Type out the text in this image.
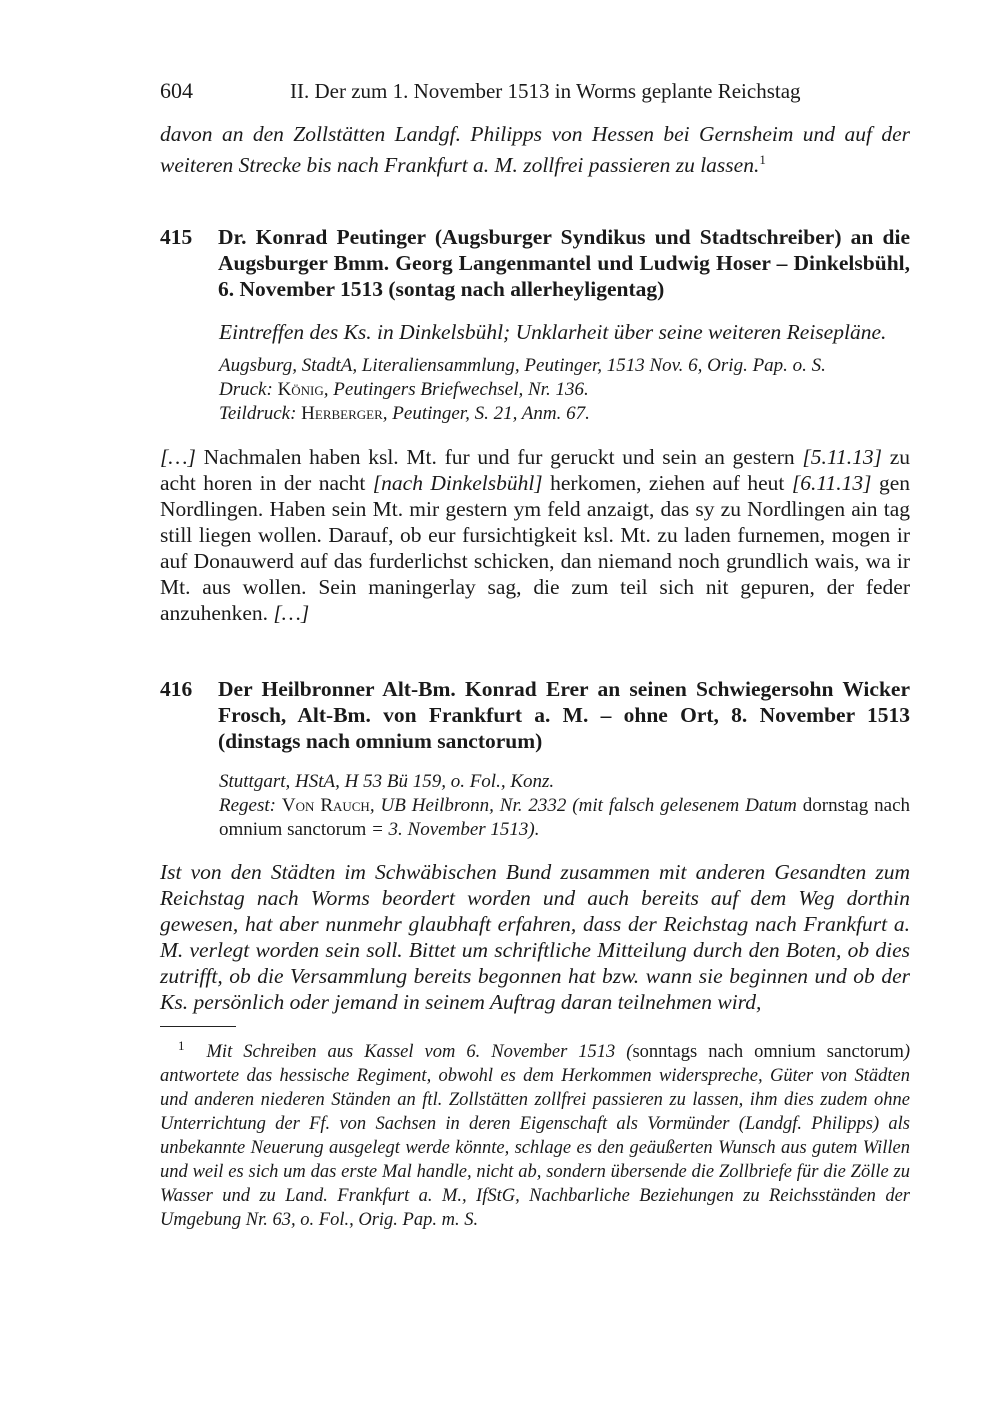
604	II. Der zum 1. November 1513 in Worms geplante Reichstag
davon an den Zollstätten Landgf. Philipps von Hessen bei Gernsheim und auf der weiteren Strecke bis nach Frankfurt a. M. zollfrei passieren zu lassen.$^1$
415	Dr. Konrad Peutinger (Augsburger Syndikus und Stadtschreiber) an die Augsburger Bmm. Georg Langenmantel und Ludwig Hoser – Dinkelsbühl, 6. November 1513 (sontag nach allerheyligentag)
Eintreffen des Ks. in Dinkelsbühl; Unklarheit über seine weiteren Reisepläne.
Augsburg, StadtA, Literaliensammlung, Peutinger, 1513 Nov. 6, Orig. Pap. o. S.
Druck: König, Peutingers Briefwechsel, Nr. 136.
Teildruck: Herberger, Peutinger, S. 21, Anm. 67.
[…] Nachmalen haben ksl. Mt. fur und fur geruckt und sein an gestern [5.11.13] zu acht horen in der nacht [nach Dinkelsbühl] herkomen, ziehen auf heut [6.11.13] gen Nordlingen. Haben sein Mt. mir gestern ym feld anzaigt, das sy zu Nordlingen ain tag still liegen wollen. Darauf, ob eur fursichtigkeit ksl. Mt. zu laden furnemen, mogen ir auf Donauwerd auf das furderlichst schicken, dan niemand noch grundlich wais, wa ir Mt. aus wollen. Sein maningerlay sag, die zum teil sich nit gepuren, der feder anzuhenken. […]
416	Der Heilbronner Alt-Bm. Konrad Erer an seinen Schwiegersohn Wicker Frosch, Alt-Bm. von Frankfurt a. M. – ohne Ort, 8. November 1513 (dinstags nach omnium sanctorum)
Stuttgart, HStA, H 53 Bü 159, o. Fol., Konz.
Regest: Von Rauch, UB Heilbronn, Nr. 2332 (mit falsch gelesenem Datum dornstag nach omnium sanctorum = 3. November 1513).
Ist von den Städten im Schwäbischen Bund zusammen mit anderen Gesandten zum Reichstag nach Worms beordert worden und auch bereits auf dem Weg dorthin gewesen, hat aber nunmehr glaubhaft erfahren, dass der Reichstag nach Frankfurt a. M. verlegt worden sein soll. Bittet um schriftliche Mitteilung durch den Boten, ob dies zutrifft, ob die Versammlung bereits begonnen hat bzw. wann sie beginnen und ob der Ks. persönlich oder jemand in seinem Auftrag daran teilnehmen wird,
$^1$ Mit Schreiben aus Kassel vom 6. November 1513 (sonntags nach omnium sanctorum) antwortete das hessische Regiment, obwohl es dem Herkommen widerspreche, Güter von Städten und anderen niederen Ständen an ftl. Zollstätten zollfrei passieren zu lassen, ihm dies zudem ohne Unterrichtung der Ff. von Sachsen in deren Eigenschaft als Vormünder (Landgf. Philipps) als unbekannte Neuerung ausgelegt werde könnte, schlage es den geäußerten Wunsch aus gutem Willen und weil es sich um das erste Mal handle, nicht ab, sondern übersende die Zollbriefe für die Zölle zu Wasser und zu Land. Frankfurt a. M., IfStG, Nachbarliche Beziehungen zu Reichsständen der Umgebung Nr. 63, o. Fol., Orig. Pap. m. S.
